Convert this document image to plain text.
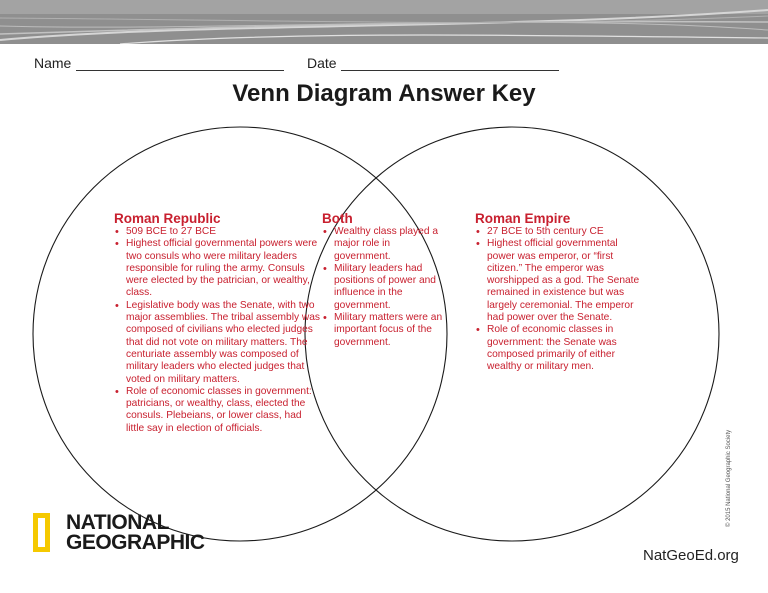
Name	Date
Venn Diagram Answer Key
Roman Republic
• 509 BCE to 27 BCE
• Highest official governmental powers were two consuls who were military leaders responsible for ruling the army. Consuls were elected by the patrician, or wealthy, class.
• Legislative body was the Senate, with two major assemblies. The tribal assembly was composed of civilians who elected judges that did not vote on military matters. The centuriate assembly was composed of military leaders who elected judges that voted on military matters.
• Role of economic classes in government: patricians, or wealthy, class, elected the consuls. Plebeians, or lower class, had little say in election of officials.
Both
• Wealthy class played a major role in government.
• Military leaders had positions of power and influence in the government.
• Military matters were an important focus of the government.
Roman Empire
• 27 BCE to 5th century CE
• Highest official governmental power was emperor, or “first citizen.” The emperor was worshipped as a god. The Senate remained in existence but was largely ceremonial. The emperor had power over the Senate.
• Role of economic classes in government: the Senate was composed primarily of either wealthy or military men.
NATIONAL
GEOGRAPHIC
NatGeoEd.org
© 2015 National Geographic Society
